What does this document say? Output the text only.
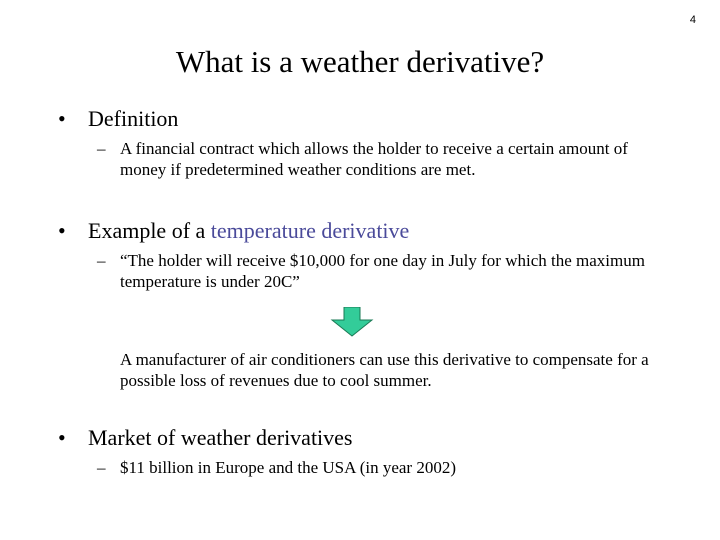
4
What is a weather derivative?
• Definition
– A financial contract which allows the holder to receive a certain amount of money if predetermined weather conditions are met.
• Example of a temperature derivative
– “The holder will receive $10,000 for one day in July for which the maximum temperature is under 20C”
A manufacturer of air conditioners can use this derivative to compensate for a possible loss of revenues due to cool summer.
• Market of weather derivatives
– $11 billion in Europe and the USA (in year 2002)
